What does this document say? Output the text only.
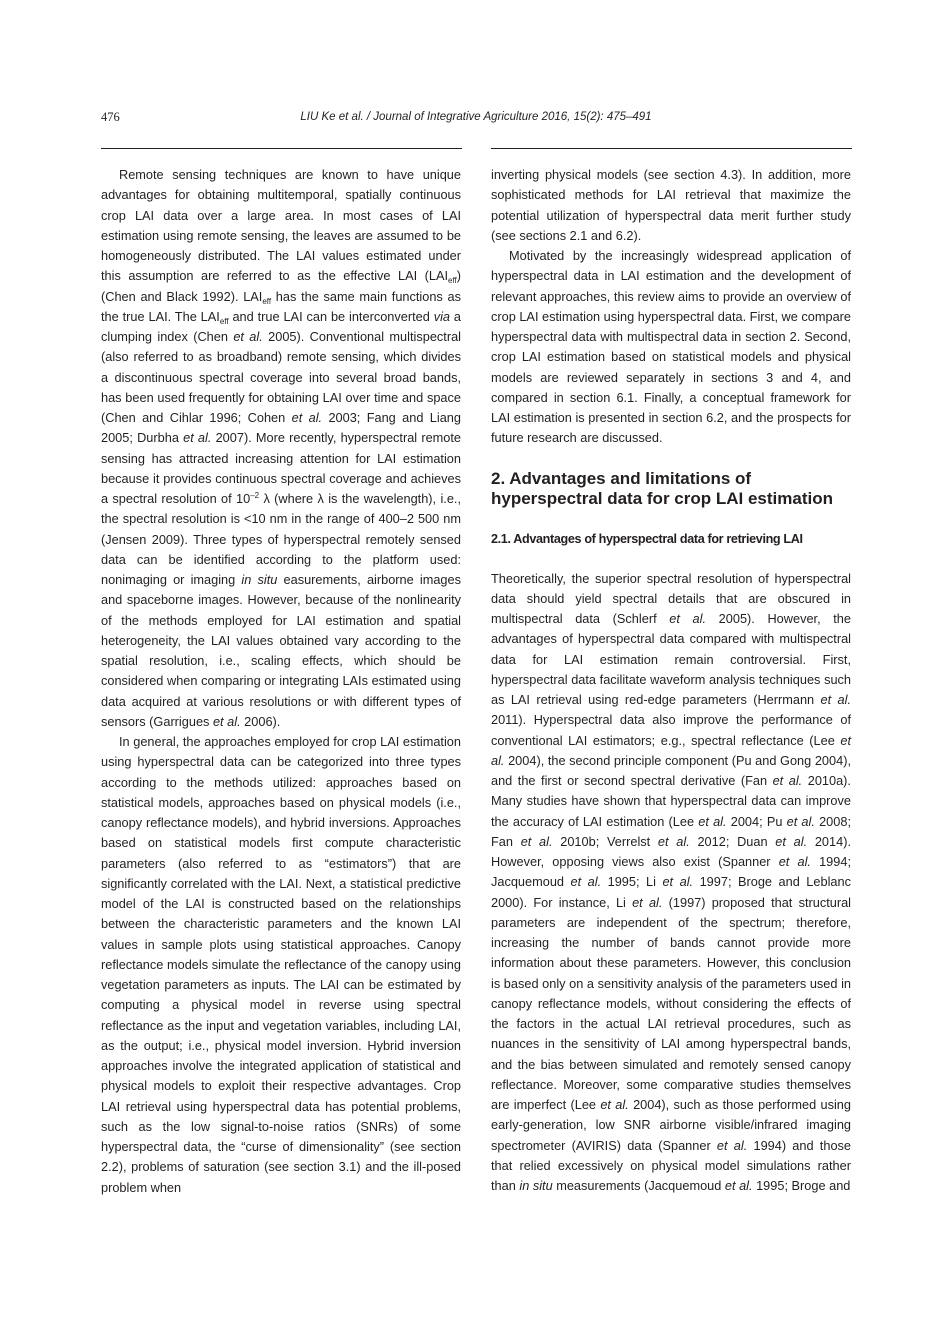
476	LIU Ke et al. / Journal of Integrative Agriculture 2016, 15(2): 475–491

Remote sensing techniques are known to have unique advantages for obtaining multitemporal, spatially continuous crop LAI data over a large area. In most cases of LAI estimation using remote sensing, the leaves are assumed to be homogeneously distributed. The LAI values estimated under this assumption are referred to as the effective LAI $(LAI_{eff})$ (Chen and Black 1992). $LAI_{eff}$ has the same main functions as the true LAI. The $LAI_{eff}$ and true LAI can be interconverted via a clumping index (Chen et al. 2005). Conventional multispectral (also referred to as broadband) remote sensing, which divides a discontinuous spectral coverage into several broad bands, has been used frequently for obtaining LAI over time and space (Chen and Cihlar 1996; Cohen et al. 2003; Fang and Liang 2005; Durbha et al. 2007). More recently, hyperspectral remote sensing has attracted increasing attention for LAI estimation because it provides continuous spectral coverage and achieves a spectral resolution of $10^{-2}$ λ (where λ is the wavelength), i.e., the spectral resolution is <10 nm in the range of 400–2 500 nm (Jensen 2009). Three types of hyperspectral remotely sensed data can be identified according to the platform used: nonimaging or imaging in situ easurements, airborne images and spaceborne images. However, because of the nonlinearity of the methods employed for LAI estimation and spatial heterogeneity, the LAI values obtained vary according to the spatial resolution, i.e., scaling effects, which should be considered when comparing or integrating LAIs estimated using data acquired at various resolutions or with different types of sensors (Garrigues et al. 2006).

In general, the approaches employed for crop LAI estimation using hyperspectral data can be categorized into three types according to the methods utilized: approaches based on statistical models, approaches based on physical models (i.e., canopy reflectance models), and hybrid inversions. Approaches based on statistical models first compute characteristic parameters (also referred to as “estimators”) that are significantly correlated with the LAI. Next, a statistical predictive model of the LAI is constructed based on the relationships between the characteristic parameters and the known LAI values in sample plots using statistical approaches. Canopy reflectance models simulate the reflectance of the canopy using vegetation parameters as inputs. The LAI can be estimated by computing a physical model in reverse using spectral reflectance as the input and vegetation variables, including LAI, as the output; i.e., physical model inversion. Hybrid inversion approaches involve the integrated application of statistical and physical models to exploit their respective advantages. Crop LAI retrieval using hyperspectral data has potential problems, such as the low signal-to-noise ratios (SNRs) of some hyperspectral data, the “curse of dimensionality” (see section 2.2), problems of saturation (see section 3.1) and the ill-posed problem when

inverting physical models (see section 4.3). In addition, more sophisticated methods for LAI retrieval that maximize the potential utilization of hyperspectral data merit further study (see sections 2.1 and 6.2).

Motivated by the increasingly widespread application of hyperspectral data in LAI estimation and the development of relevant approaches, this review aims to provide an overview of crop LAI estimation using hyperspectral data. First, we compare hyperspectral data with multispectral data in section 2. Second, crop LAI estimation based on statistical models and physical models are reviewed separately in sections 3 and 4, and compared in section 6.1. Finally, a conceptual framework for LAI estimation is presented in section 6.2, and the prospects for future research are discussed.

2. Advantages and limitations of hyperspectral data for crop LAI estimation
2.1. Advantages of hyperspectral data for retrieving LAI

Theoretically, the superior spectral resolution of hyperspectral data should yield spectral details that are obscured in multispectral data (Schlerf et al. 2005). However, the advantages of hyperspectral data compared with multispectral data for LAI estimation remain controversial. First, hyperspectral data facilitate waveform analysis techniques such as LAI retrieval using red-edge parameters (Herrmann et al. 2011). Hyperspectral data also improve the performance of conventional LAI estimators; e.g., spectral reflectance (Lee et al. 2004), the second principle component (Pu and Gong 2004), and the first or second spectral derivative (Fan et al. 2010a). Many studies have shown that hyperspectral data can improve the accuracy of LAI estimation (Lee et al. 2004; Pu et al. 2008; Fan et al. 2010b; Verrelst et al. 2012; Duan et al. 2014). However, opposing views also exist (Spanner et al. 1994; Jacquemoud et al. 1995; Li et al. 1997; Broge and Leblanc 2000). For instance, Li et al. (1997) proposed that structural parameters are independent of the spectrum; therefore, increasing the number of bands cannot provide more information about these parameters. However, this conclusion is based only on a sensitivity analysis of the parameters used in canopy reflectance models, without considering the effects of the factors in the actual LAI retrieval procedures, such as nuances in the sensitivity of LAI among hyperspectral bands, and the bias between simulated and remotely sensed canopy reflectance. Moreover, some comparative studies themselves are imperfect (Lee et al. 2004), such as those performed using early-generation, low SNR airborne visible/infrared imaging spectrometer (AVIRIS) data (Spanner et al. 1994) and those that relied excessively on physical model simulations rather than in situ measurements (Jacquemoud et al. 1995; Broge and
